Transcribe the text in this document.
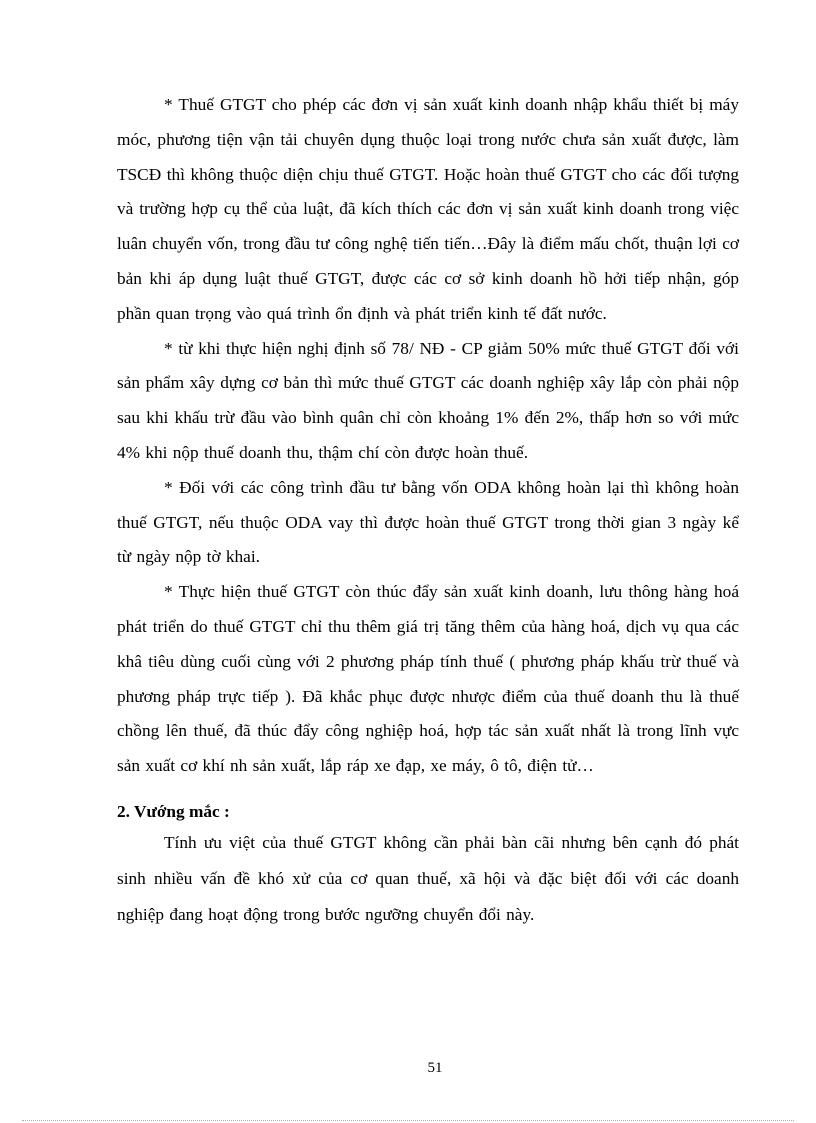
* Thuế GTGT cho phép các đơn vị sản xuất kinh doanh nhập khẩu thiết bị máy móc, phương tiện vận tải chuyên dụng thuộc loại trong nước chưa sản xuất được, làm TSCĐ thì không thuộc diện chịu thuế GTGT. Hoặc hoàn thuế GTGT cho các đối tượng và trường hợp cụ thể của luật, đã kích thích các đơn vị sản xuất kinh doanh trong việc luân chuyển vốn, trong đầu tư công nghệ tiến tiến…Đây là điểm mấu chốt, thuận lợi cơ bản khi áp dụng luật thuế GTGT, được các cơ sở kinh doanh hồ hởi tiếp nhận, góp phần quan trọng vào quá trình ổn định và phát triển kinh tế đất nước.

* từ khi thực hiện nghị định số 78/ NĐ - CP giảm 50% mức thuế GTGT đối với sản phẩm xây dựng cơ bản thì mức thuế GTGT các doanh nghiệp xây lắp còn phải nộp sau khi khấu trừ đầu vào bình quân chỉ còn khoảng 1% đến 2%, thấp hơn so với mức 4% khi nộp thuế doanh thu, thậm chí còn được hoàn thuế.

* Đối với các công trình đầu tư bằng vốn ODA không hoàn lại thì không hoàn thuế GTGT, nếu thuộc ODA vay thì được hoàn thuế GTGT trong thời gian 3 ngày kể từ ngày nộp tờ khai.

* Thực hiện thuế GTGT còn thúc đẩy sản xuất kinh doanh, lưu thông hàng hoá phát triển do thuế GTGT chỉ thu thêm giá trị tăng thêm của hàng hoá, dịch vụ qua các khâ tiêu dùng cuối cùng với 2 phương pháp tính thuế ( phương pháp khấu trừ thuế và phương pháp trực tiếp ). Đã khắc phục được nhược điểm của thuế doanh thu là thuế chồng lên thuế, đã thúc đẩy công nghiệp hoá, hợp tác sản xuất nhất là trong lĩnh vực sản xuất cơ khí nh sản xuất, lắp ráp xe đạp, xe máy, ô tô, điện tử…

2. Vướng mắc :

Tính ưu việt của thuế GTGT không cần phải bàn cãi nhưng bên cạnh đó phát sinh nhiều vấn đề khó xử của cơ quan thuế, xã hội và đặc biệt đối với các doanh nghiệp đang hoạt động trong bước ngưỡng chuyển đổi này.

51
